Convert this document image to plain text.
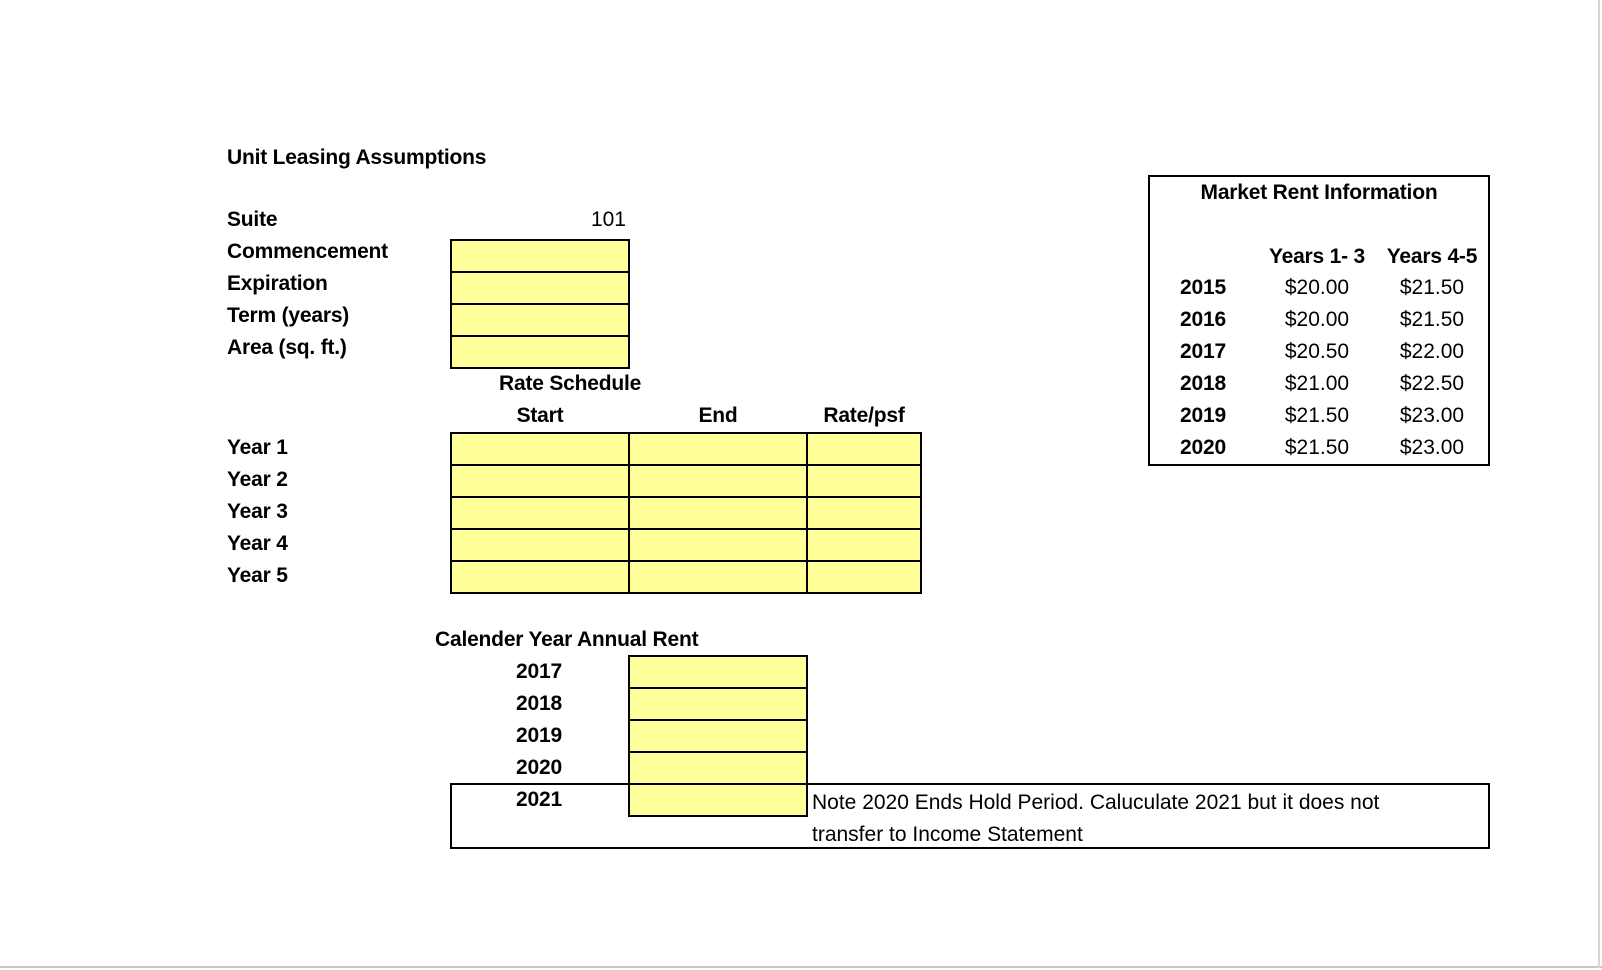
Unit Leasing Assumptions
Suite	101
Commencement
Expiration
Term (years)
Area (sq. ft.)
Rate Schedule
Start	End	Rate/psf
Year 1
Year 2
Year 3
Year 4
Year 5
Calender Year Annual Rent
Note 2020 Ends Hold Period. Caluculate 2021 but it does not
transfer to Income Statement
2017
2018
2019
2020
2021
Market Rent Information
Years 1- 3	Years 4-5
2015	$20.00	$21.50
2016	$20.00	$21.50
2017	$20.50	$22.00
2018	$21.00	$22.50
2019	$21.50	$23.00
2020	$21.50	$23.00
